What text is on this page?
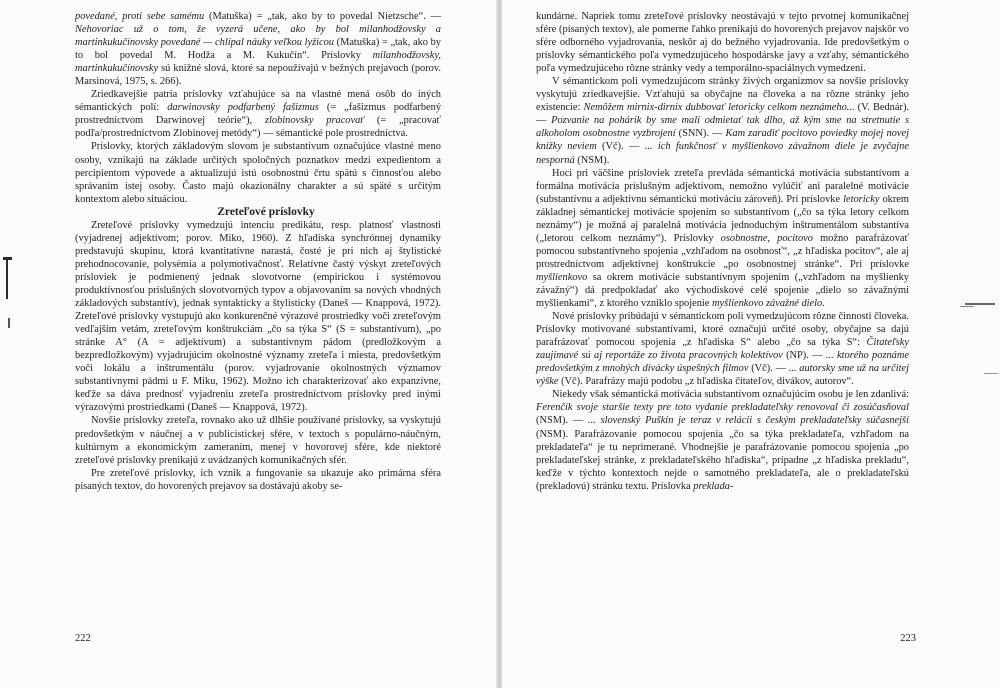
povedané, proti sebe samému (Matuška) = „tak, ako by to povedal Nietzsche“. — Nehovoriac už o tom, že vyzerá učene, ako by bol milanhodžovsky a martinkukučínovsky povedané — chlípal náuky veľkou lyžicou (Matuška) = „tak, ako by to bol povedal M. Hodža a M. Kukučín“. Príslovky milanhodžovsky, martinkukučínovsky sú knižné slová, ktoré sa nepoužívajú v bežných prejavoch (porov. Marsinová, 1975, s. 266).

Zriedkavejšie patria príslovky vzťahujúce sa na vlastné mená osôb do iných sémantických polí: darwinovsky podfarbený fašizmus (= „fašizmus podfarbený prostredníctvom Darwinovej teórie“), zlobinovsky pracovať (= „pracovať podľa/prostredníctvom Zlobinovej metódy“) — sémantické pole prostredníctva.

Príslovky, ktorých základovým slovom je substantívum označujúce vlastné meno osoby, vznikajú na základe určitých spoločných poznatkov medzi expedientom a percipientom výpovede a aktualizujú istú osobnostnú črtu spätú s činnosťou alebo správaním istej osoby. Často majú okazionálny charakter a sú späté s určitým kontextom alebo situáciou.

Zreteľové príslovky

Zreteľové príslovky vymedzujú intenciu predikátu, resp. platnosť vlastnosti (vyjadrenej adjektívom; porov. Miko, 1960). Z hľadiska synchrónnej dynamiky predstavujú skupinu, ktorá kvantitatívne narastá, čosté je pri nich aj štylistické prehodnocovanie, polysémia a polymotivačnosť. Relatívne častý výskyt zreteľových prísloviek je podmienený jednak slovotvorne (empirickou i systémovou produktívnosťou príslušných slovotvorných typov a objavovaním sa nových vhodných základových substantív), jednak syntakticky a štylisticky (Daneš — Knappová, 1972). Zreteľové príslovky vystupujú ako konkurenčné výrazové prostriedky voči zreteľovým vedľajším vetám, zreteľovým konštrukciám „čo sa týka S“ (S = substantívum), „po stránke A° (A = adjektívum) a substantívnym pádom (predložkovým a bezpredložkovým) vyjadrujúcim okolnostné významy zreteľa i miesta, predovšetkým voči lokálu a inštrumentálu (porov. vyjadrovanie okolnostných významov substantívnymi pádmi u F. Miku, 1962). Možno ich charakterizovať ako expanzívne, keďže sa dáva prednosť vyjadreniu zreteľa prostredníctvom príslovky pred inými výrazovými prostriedkami (Daneš — Knappová, 1972).

Novšie príslovky zreteľa, rovnako ako už dlhšie používané príslovky, sa vyskytujú predovšetkým v náučnej a v publicistickej sfére, v textoch s populárno-náučným, kultúrnym a ekonomickým zameraním, menej v hovorovej sfére, kde niektoré zreteľové príslovky prenikajú z uvádzaných komunikačných sfér.

Pre zreteľové príslovky, ich vznik a fungovanie sa ukazuje ako primárna sféra písaných textov, do hovorených prejavov sa dostávajú akoby se-

222

kundárne. Napriek tomu zreteľové príslovky neostávajú v tejto prvotnej komunikačnej sfére (písaných textov), ale pomerne ľahko prenikajú do hovorených prejavov najskôr vo sfére odborného vyjadrovania, neskôr aj do bežného vyjadrovania. Ide predovšetkým o príslovky sémantického poľa vymedzujúceho hospodárske javy a vzťahy, sémantického poľa vymedzujúceho rôzne stránky vedy a temporálno-spaciálnych vymedzení.

V sémantickom poli vymedzujúcom stránky živých organizmov sa novšie príslovky vyskytujú zriedkavejšie. Vzťahujú sa obyčajne na človeka a na rôzne stránky jeho existencie: Nemôžem mirnix-dirnix dubbovať letoricky celkom neznámeho... (V. Bednár). — Pozvanie na pohárik by sme mali odmietať tak dlho, až kým sme na stretnutie s alkoholom osobnostne vyzbrojení (SNN). — Kam zaradiť pocitovo poviedky mojej novej knižky neviem (Vč). — ... ich funkčnosť v myšlienkovo závažnom diele je zvyčajne nesporná (NSM).

Hoci pri väčšine prísloviek zreteľa prevláda sémantická motivácia substantívom a formálna motivácia príslušným adjektívom, nemožno vylúčiť ani paralelné motivácie (substantívnu a adjektívnu sémantickú motiváciu zároveň). Pri príslovke letoricky okrem základnej sémantickej motivácie spojením so substantívom („čo sa týka letory celkom neznámy“) je možná aj paralelná motivácia jednoduchým inštrumentálom substantíva („letorou celkom neznámy“). Príslovky osobnostne, pocitovo možno parafrázovať pomocou substantívneho spojenia „vzhľadom na osobnosť“, „z hľadiska pocitov“, ale aj prostredníctvom adjektívnej konštrukcie „po osobnostnej stránke“. Pri príslovke myšlienkovo sa okrem motivácie substantívnym spojením („vzhľadom na myšlienky závažný“) dá predpokladať ako východiskové celé spojenie „dielo so závažnými myšlienkami“, z ktorého vzniklo spojenie myšlienkovo závažné dielo.

Nové príslovky pribúdajú v sémantickom poli vymedzujúcom rôzne činnosti človeka. Príslovky motivované substantívami, ktoré označujú určité osoby, obyčajne sa dajú parafrázovať pomocou spojenia „z hľadiska S“ alebo „čo sa týka S“: Čitateľsky zaujímavé sú aj reportáže zo života pracovných kolektívov (NP). — ... ktorého poznáme predovšetkým z mnohých divácky úspešných filmov (Vč). — ... autorsky sme už na určitej výške (Vč). Parafrázy majú podobu „z hľadiska čitateľov, divákov, autorov“.

Niekedy však sémantická motivácia substantívom označujúcim osobu je len zdanlivá: Ferenčík svoje staršie texty pre toto vydanie prekladateľsky renovoval či zosúčasňoval (NSM). — ... slovenský Puškin je teraz v relácii s českým prekladateľsky súčasnejší (NSM). Parafrázovanie pomocou spojenia „čo sa týka prekladateľa, vzhľadom na prekladateľa“ je tu neprimerané. Vhodnejšie je parafrázovanie pomocou spojenia „po prekladateľskej stránke, z prekladateľského hľadiska“, prípadne „z hľadiska prekladu“, keďže v týchto kontextoch nejde o samotného prekladateľa, ale o prekladateľskú (prekladovú) stránku textu. Príslovka preklada-

223
